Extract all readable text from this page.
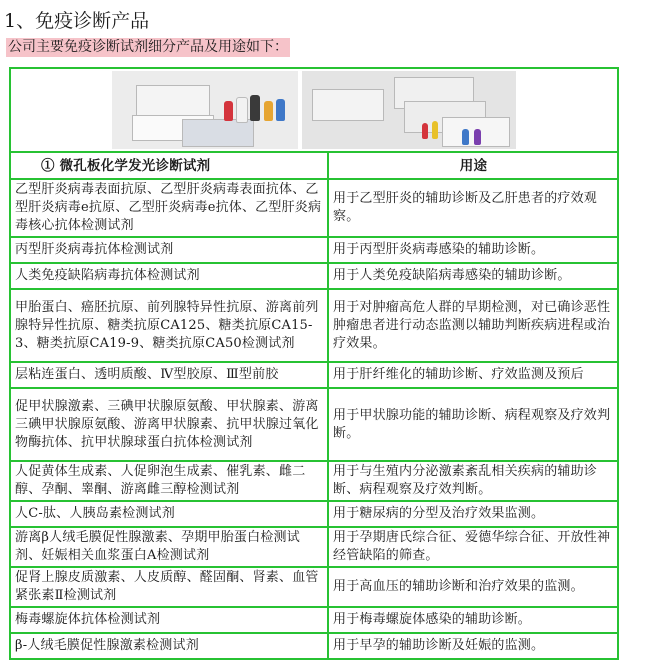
1、免疫诊断产品
公司主要免疫诊断试剂细分产品及用途如下：

① 微孔板化学发光诊断试剂	用途
乙型肝炎病毒表面抗原、乙型肝炎病毒表面抗体、乙型肝炎病毒e抗原、乙型肝炎病毒e抗体、乙型肝炎病毒核心抗体检测试剂	用于乙型肝炎的辅助诊断及乙肝患者的疗效观察。
丙型肝炎病毒抗体检测试剂	用于丙型肝炎病毒感染的辅助诊断。
人类免疫缺陷病毒抗体检测试剂	用于人类免疫缺陷病毒感染的辅助诊断。
甲胎蛋白、癌胚抗原、前列腺特异性抗原、游离前列腺特异性抗原、糖类抗原CA125、糖类抗原CA15-3、糖类抗原CA19-9、糖类抗原CA50检测试剂	用于对肿瘤高危人群的早期检测，对已确诊恶性肿瘤患者进行动态监测以辅助判断疾病进程或治疗效果。
层粘连蛋白、透明质酸、Ⅳ型胶原、Ⅲ型前胶	用于肝纤维化的辅助诊断、疗效监测及预后
促甲状腺激素、三碘甲状腺原氨酸、甲状腺素、游离三碘甲状腺原氨酸、游离甲状腺素、抗甲状腺过氧化物酶抗体、抗甲状腺球蛋白抗体检测试剂	用于甲状腺功能的辅助诊断、病程观察及疗效判断。
人促黄体生成素、人促卵泡生成素、催乳素、雌二醇、孕酮、睾酮、游离雌三醇检测试剂	用于与生殖内分泌激素紊乱相关疾病的辅助诊断、病程观察及疗效判断。
人C-肽、人胰岛素检测试剂	用于糖尿病的分型及治疗效果监测。
游离β人绒毛膜促性腺激素、孕期甲胎蛋白检测试剂、妊娠相关血浆蛋白A检测试剂	用于孕期唐氏综合征、爱德华综合征、开放性神经管缺陷的筛查。
促肾上腺皮质激素、人皮质醇、醛固酮、肾素、血管紧张素Ⅱ检测试剂	用于高血压的辅助诊断和治疗效果的监测。
梅毒螺旋体抗体检测试剂	用于梅毒螺旋体感染的辅助诊断。
β-人绒毛膜促性腺激素检测试剂	用于早孕的辅助诊断及妊娠的监测。
